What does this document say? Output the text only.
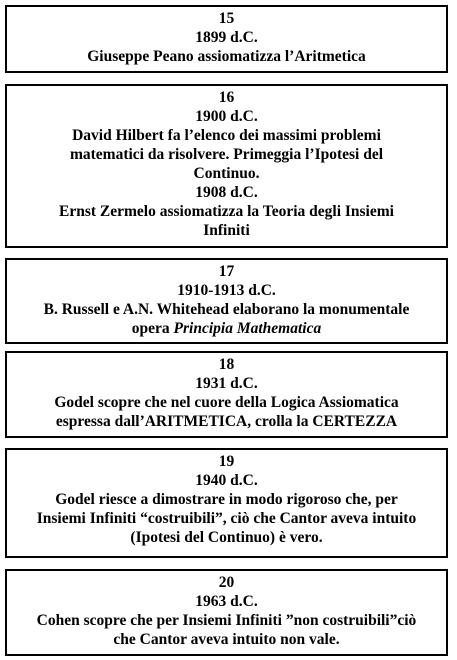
15
1899 d.C.
Giuseppe Peano assiomatizza l’Aritmetica
16
1900 d.C.
David Hilbert fa l’elenco dei massimi problemi
matematici da risolvere. Primeggia l’Ipotesi del
Continuo.
1908 d.C.
Ernst Zermelo assiomatizza la Teoria degli Insiemi
Infiniti
17
1910-1913 d.C.
B. Russell e A.N. Whitehead elaborano la monumentale
opera Principia Mathematica
18
1931 d.C.
Godel scopre che nel cuore della Logica Assiomatica
espressa dall’ARITMETICA, crolla la CERTEZZA
19
1940 d.C.
Godel riesce a dimostrare in modo rigoroso che, per
Insiemi Infiniti “costruibili”, ciò che Cantor aveva intuito
(Ipotesi del Continuo) è vero.
20
1963 d.C.
Cohen scopre che per Insiemi Infiniti ”non costruibili”ciò
che Cantor aveva intuito non vale.
